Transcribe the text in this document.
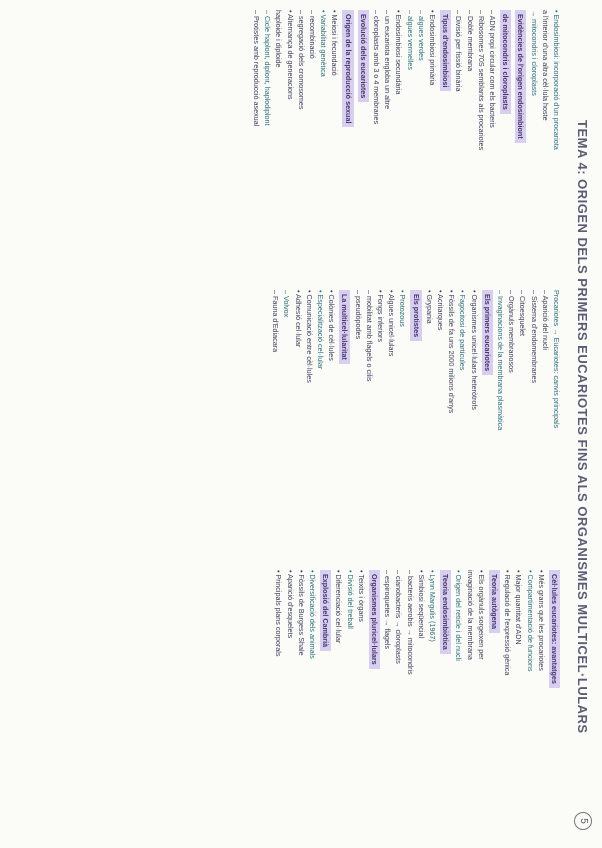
TEMA 4: ORIGEN DELS PRIMERS EUCARIOTES FINS ALS ORGANISMES MULTICEL·LULARS
5
• Endosimbiosi: incorporació d'un procariota
a l'interior d'una altra cèl·lula hoste
→ mitocondris i cloroplasts
Evidències de l'origen endosimbiont
de mitocondris i cloroplasts
– ADN propi circular com els bacteris
– Ribosomes 70S semblants als procariotes
– Doble membrana
– Divisió per fissió binària
Tipus d'endosimbiosi
• Endosimbiosi primària
– algues verdes
– algues vermelles
• Endosimbiosi secundària
– un eucariota engloba un altre
– cloroplasts amb 3 o 4 membranes
Evolució dels eucariotes
Origen de la reproducció sexual
• Meiosi i fecundació
• Variabilitat genètica
– recombinació
– segregació dels cromosomes
• Alternança de generacions
haploide i diploide
– Cicle haplont, diplont, haplodiplont
– Protistes amb reproducció asexual
Procariotes → Eucariotes: canvis principals
– Aparició del nucli
– Sistema d'endomembranes
– Citoesquelet
– Orgànuls membranosos
– Invaginacions de la membrana plasmàtica
Els primers eucariotes
• Organismes unicel·lulars heteròtrofs
• Fagocitosi de partícules
• Fòssils de fa uns 2000 milions d'anys
• Acritarques
• Grypania
Els protistes
• Protozous
• Algues unicel·lulars
• Fongs inferiors
– mobilitat amb flagels o cilis
– pseudòpodes
La multicel·lularitat
• Colònies de cèl·lules
• Especialització cel·lular
• Comunicació entre cèl·lules
• Adhesió cel·lular
– Volvox
– Fauna d'Ediacara
Cèl·lules eucariotes: avantatges
• Més grans que les procariotes
• Compartimentació de funcions
• Major quantitat d'ADN
• Regulació de l'expressió gènica
Teoria autògena
• Els orgànuls sorgeixen per
invaginació de la membrana
• Origen del reticle i del nucli
Teoria endosimbiòtica
• Lynn Margulis (1967)
• Simbiosi seqüencial
– bacteris aerobis → mitocondris
– cianobacteris → cloroplasts
– espiroquetes → flagels
Organismes pluricel·lulars
• Teixits i òrgans
• Divisió del treball
• Diferenciació cel·lular
Explosió del Cambrià
• Diversificació dels animals
• Fòssils de Burgess Shale
• Aparició d'esquelets
• Principals plans corporals
